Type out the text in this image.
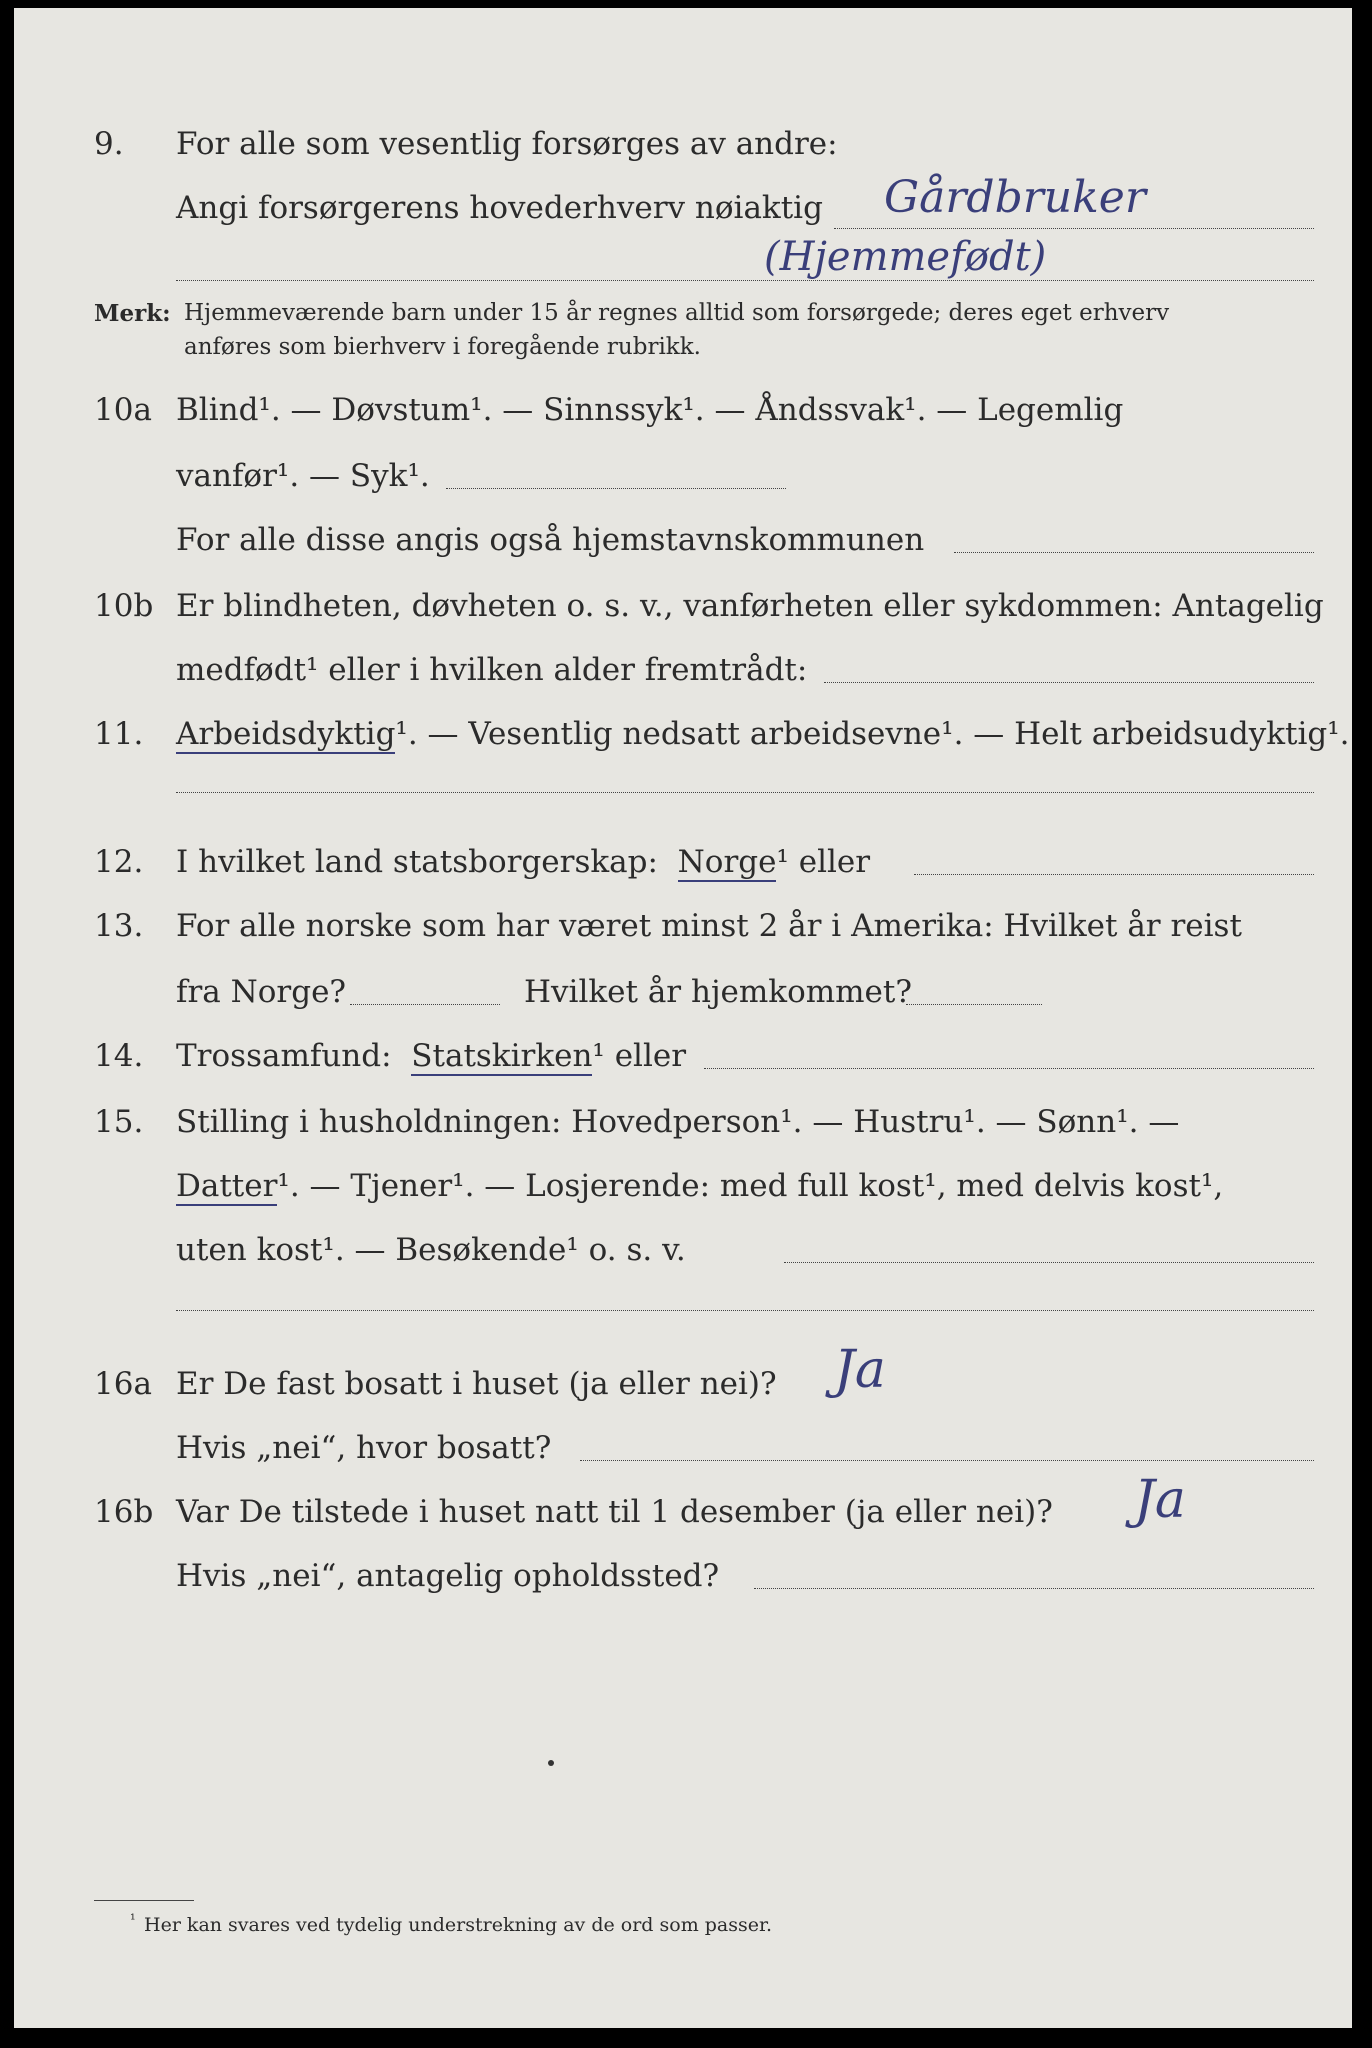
9. For alle som vesentlig forsørges av andre:
Angi forsørgerens hovederhverv nøiaktig Gårdbruker
(Hjemmefødt)
Merk: Hjemmeværende barn under 15 år regnes alltid som forsørgede; deres eget erhverv
anføres som bierhverv i foregående rubrikk.
10a Blind¹. — Døvstum¹. — Sinnssyk¹. — Åndssvak¹. — Legemlig
vanfør¹. — Syk¹.
For alle disse angis også hjemstavnskommunen
10b Er blindheten, døvheten o. s. v., vanførheten eller sykdommen: Antagelig
medfødt¹ eller i hvilken alder fremtrådt:
11. Arbeidsdyktig¹. — Vesentlig nedsatt arbeidsevne¹. — Helt arbeidsudyktig¹.
12. I hvilket land statsborgerskap: Norge¹ eller
13. For alle norske som har været minst 2 år i Amerika: Hvilket år reist
fra Norge?	Hvilket år hjemkommet?
14. Trossamfund: Statskirken¹ eller
15. Stilling i husholdningen: Hovedperson¹. — Hustru¹. — Sønn¹. —
Datter¹. — Tjener¹. — Losjerende: med full kost¹, med delvis kost¹,
uten kost¹. — Besøkende¹ o. s. v.
16a Er De fast bosatt i huset (ja eller nei)? Ja
Hvis „nei“, hvor bosatt?
16b Var De tilstede i huset natt til 1 desember (ja eller nei)? Ja
Hvis „nei“, antagelig opholdssted?
¹ Her kan svares ved tydelig understrekning av de ord som passer.
